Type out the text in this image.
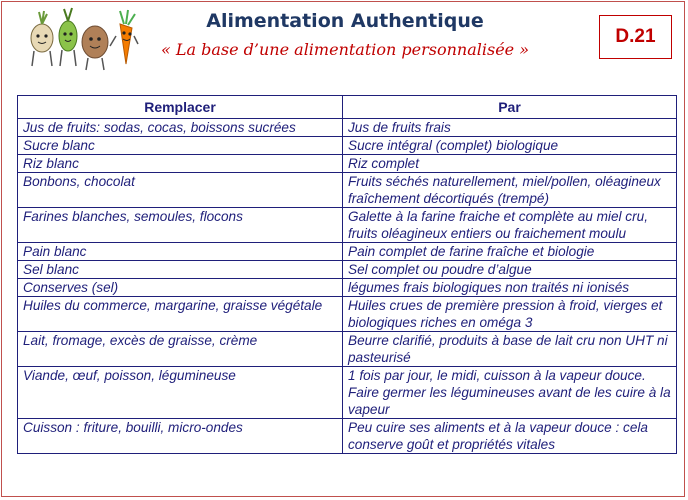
Alimentation Authentique
« La base d’une alimentation personnalisée »
D.21
Remplacer	Par
Jus de fruits: sodas, cocas, boissons sucrées	Jus de fruits frais
Sucre blanc	Sucre intégral (complet) biologique
Riz blanc	Riz complet
Bonbons, chocolat	Fruits séchés naturellement, miel/pollen, oléagineux fraîchement décortiqués (trempé)
Farines blanches, semoules, flocons	Galette à la farine fraiche et complète au miel cru, fruits oléagineux entiers ou fraichement moulu
Pain blanc	Pain complet de farine fraîche et biologie
Sel blanc	Sel complet ou poudre d’algue
Conserves (sel)	légumes frais biologiques non traités ni ionisés
Huiles du commerce, margarine, graisse végétale	Huiles crues de première pression à froid, vierges et biologiques riches en oméga 3
Lait, fromage, excès de graisse, crème	Beurre clarifié, produits à base de lait cru non UHT ni pasteurisé
Viande, œuf, poisson, légumineuse	1 fois par jour, le midi, cuisson à la vapeur douce. Faire germer les légumineuses avant de les cuire à la vapeur
Cuisson : friture, bouilli, micro-ondes	Peu cuire ses aliments et à la vapeur douce : cela conserve goût et propriétés vitales
